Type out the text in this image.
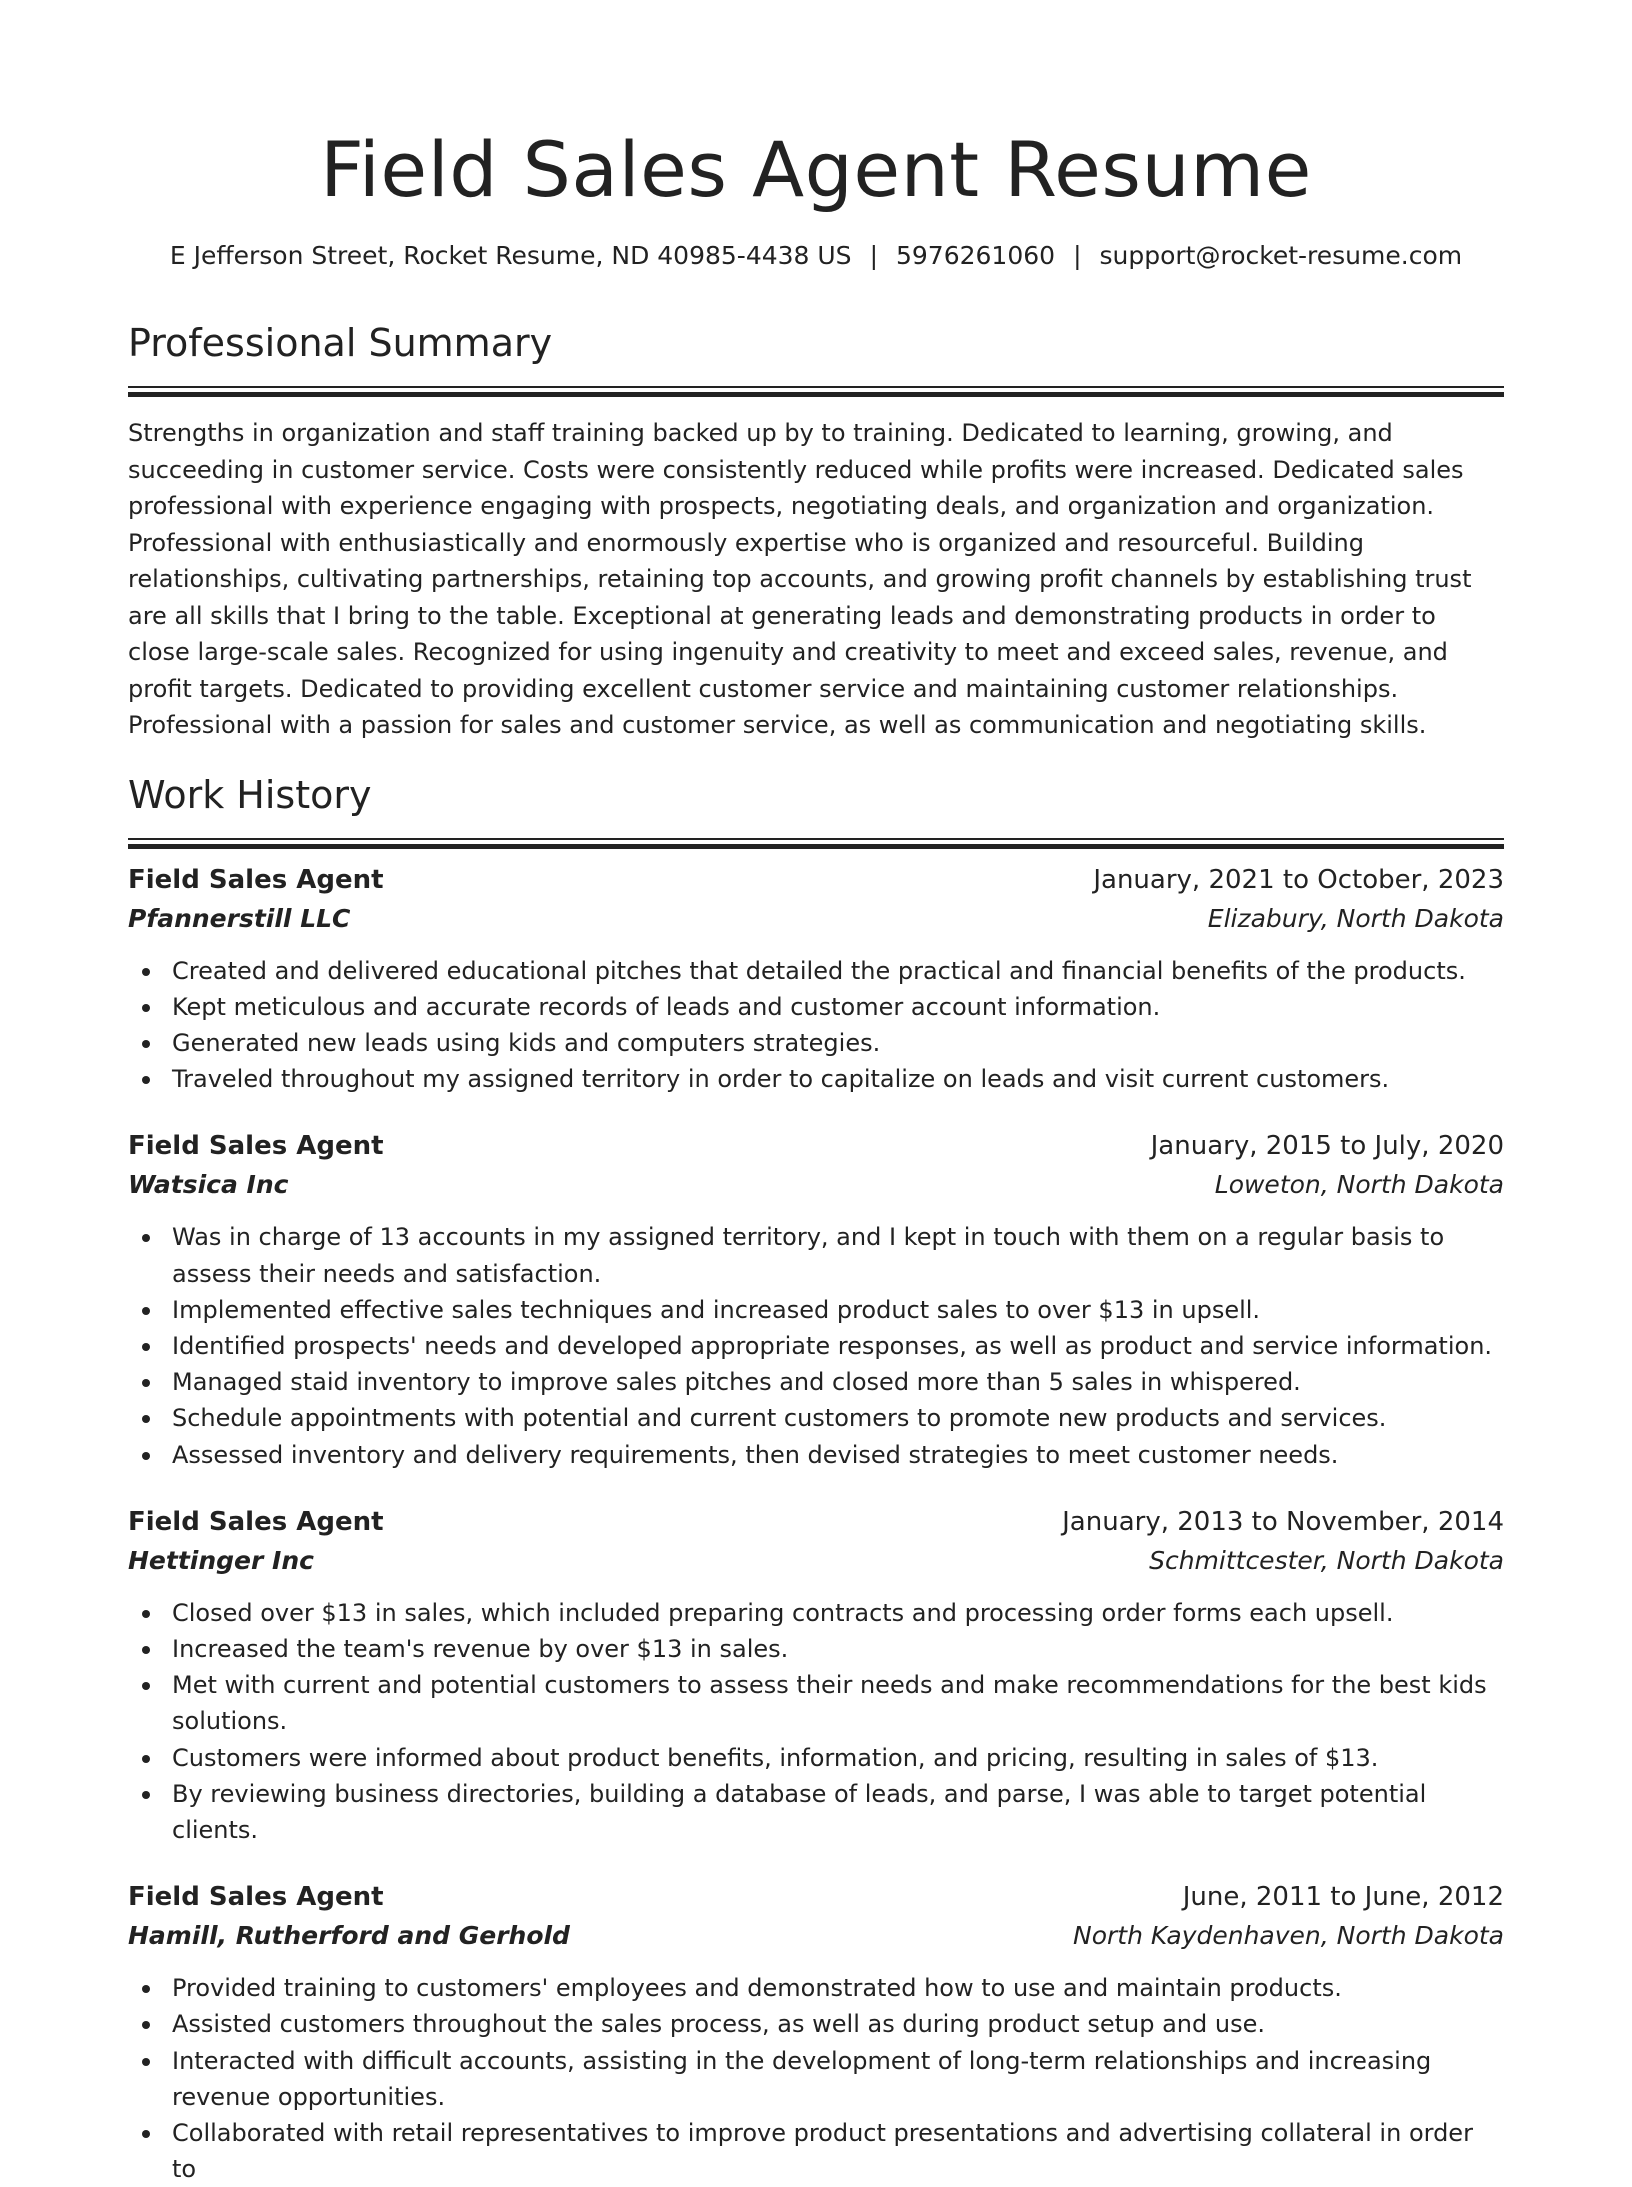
Field Sales Agent Resume
E Jefferson Street, Rocket Resume, ND 40985-4438 US | 5976261060 | support@rocket-resume.com
Professional Summary

Strengths in organization and staff training backed up by to training. Dedicated to learning, growing, and succeeding in customer service. Costs were consistently reduced while profits were increased. Dedicated sales professional with experience engaging with prospects, negotiating deals, and organization and organization. Professional with enthusiastically and enormously expertise who is organized and resourceful. Building relationships, cultivating partnerships, retaining top accounts, and growing profit channels by establishing trust are all skills that I bring to the table. Exceptional at generating leads and demonstrating products in order to close large-scale sales. Recognized for using ingenuity and creativity to meet and exceed sales, revenue, and profit targets. Dedicated to providing excellent customer service and maintaining customer relationships. Professional with a passion for sales and customer service, as well as communication and negotiating skills.

Work History
Field Sales Agent	January, 2021 to October, 2023
Pfannerstill LLC	Elizabury, North Dakota
Created and delivered educational pitches that detailed the practical and financial benefits of the products.
Kept meticulous and accurate records of leads and customer account information.
Generated new leads using kids and computers strategies.
Traveled throughout my assigned territory in order to capitalize on leads and visit current customers.
Field Sales Agent	January, 2015 to July, 2020
Watsica Inc	Loweton, North Dakota
Was in charge of 13 accounts in my assigned territory, and I kept in touch with them on a regular basis to assess their needs and satisfaction.
Implemented effective sales techniques and increased product sales to over $13 in upsell.
Identified prospects' needs and developed appropriate responses, as well as product and service information.
Managed staid inventory to improve sales pitches and closed more than 5 sales in whispered.
Schedule appointments with potential and current customers to promote new products and services.
Assessed inventory and delivery requirements, then devised strategies to meet customer needs.
Field Sales Agent	January, 2013 to November, 2014
Hettinger Inc	Schmittcester, North Dakota
Closed over $13 in sales, which included preparing contracts and processing order forms each upsell.
Increased the team's revenue by over $13 in sales.
Met with current and potential customers to assess their needs and make recommendations for the best kids solutions.
Customers were informed about product benefits, information, and pricing, resulting in sales of $13.
By reviewing business directories, building a database of leads, and parse, I was able to target potential clients.
Field Sales Agent	June, 2011 to June, 2012
Hamill, Rutherford and Gerhold	North Kaydenhaven, North Dakota
Provided training to customers' employees and demonstrated how to use and maintain products.
Assisted customers throughout the sales process, as well as during product setup and use.
Interacted with difficult accounts, assisting in the development of long-term relationships and increasing revenue opportunities.
Collaborated with retail representatives to improve product presentations and advertising collateral in order to
